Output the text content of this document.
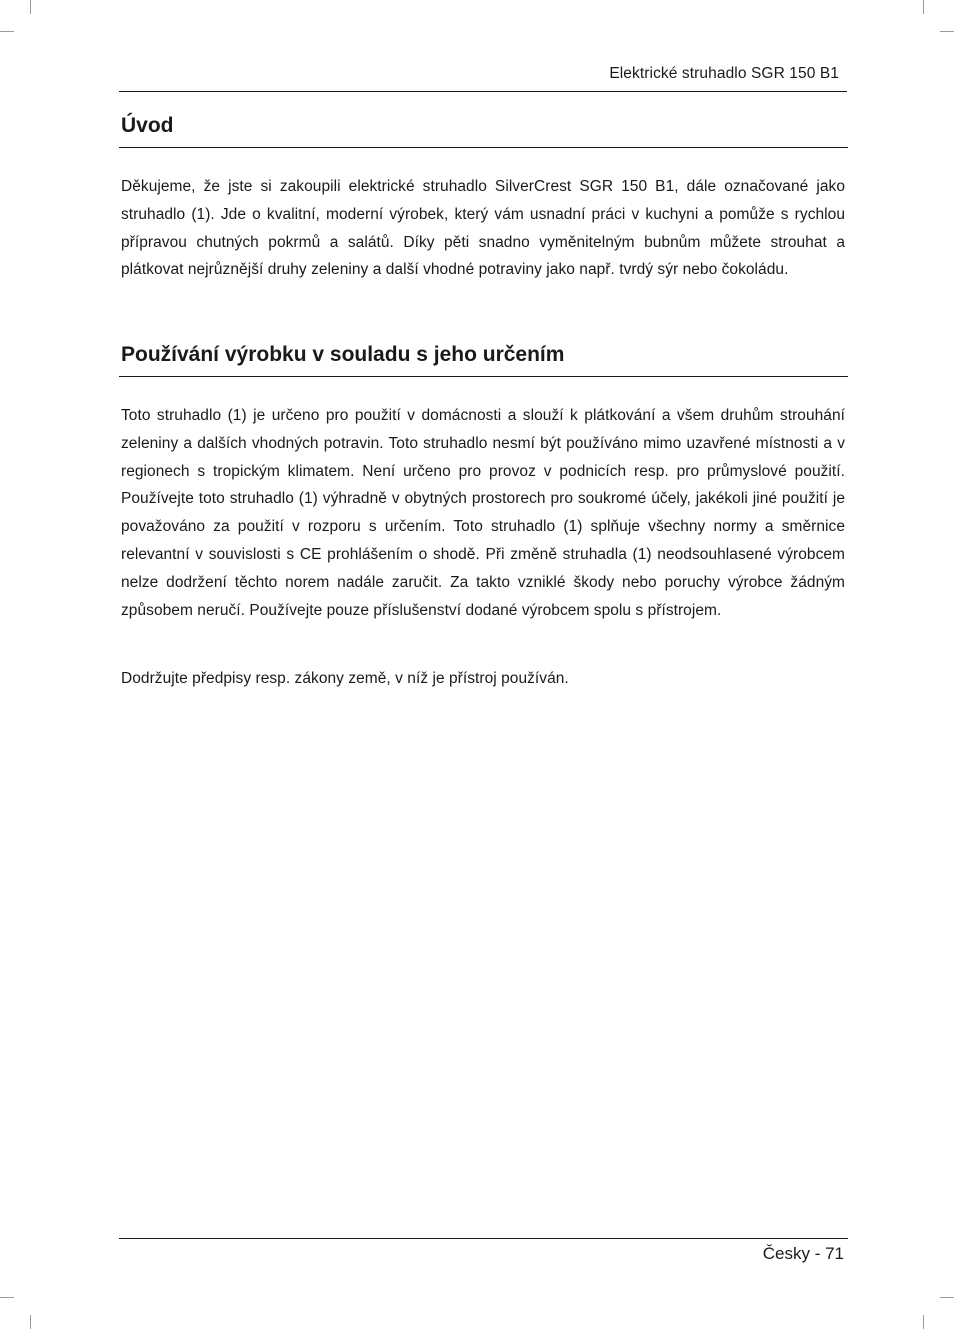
Elektrické struhadlo SGR 150 B1
Úvod

Děkujeme, že jste si zakoupili elektrické struhadlo SilverCrest SGR 150 B1, dále označované jako struhadlo (1). Jde o kvalitní, moderní výrobek, který vám usnadní práci v kuchyni a pomůže s rychlou přípravou chutných pokrmů a salátů. Díky pěti snadno vyměnitelným bubnům můžete strouhat a plátkovat nejrůznější druhy zeleniny a další vhodné potraviny jako např. tvrdý sýr nebo čokoládu.

Používání výrobku v souladu s jeho určením

Toto struhadlo (1) je určeno pro použití v domácnosti a slouží k plátkování a všem druhům strouhání zeleniny a dalších vhodných potravin. Toto struhadlo nesmí být používáno mimo uzavřené místnosti a v regionech s tropickým klimatem. Není určeno pro provoz v podnicích resp. pro průmyslové použití. Používejte toto struhadlo (1) výhradně v obytných prostorech pro soukromé účely, jakékoli jiné použití je považováno za použití v rozporu s určením. Toto struhadlo (1) splňuje všechny normy a směrnice relevantní v souvislosti s CE prohlášením o shodě. Při změně struhadla (1) neodsouhlasené výrobcem nelze dodržení těchto norem nadále zaručit. Za takto vzniklé škody nebo poruchy výrobce žádným způsobem neručí. Používejte pouze příslušenství dodané výrobcem spolu s přístrojem.

Dodržujte předpisy resp. zákony země, v níž je přístroj používán.

Česky - 71
